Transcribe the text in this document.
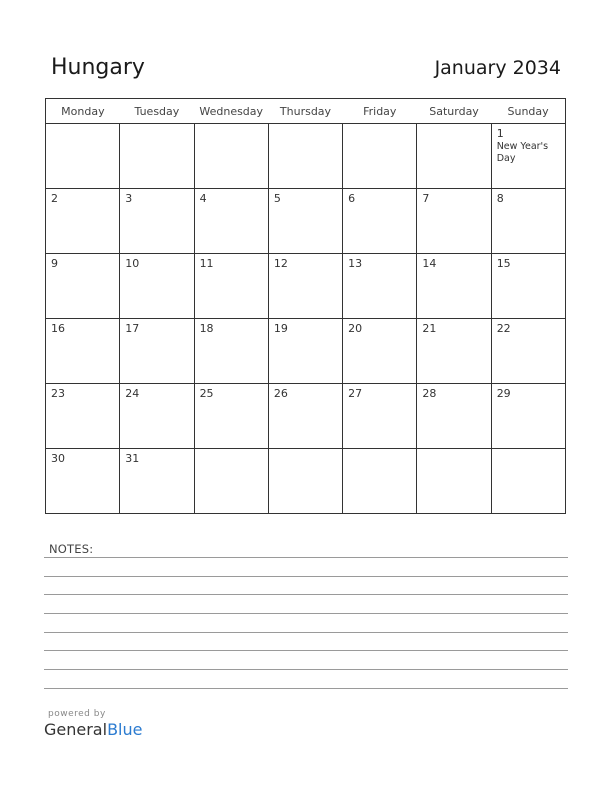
Hungary	January 2034
Monday	Tuesday	Wednesday	Thursday	Friday	Saturday	Sunday

						1
New Year's Day

2	3	4	5	6	7	8

9	10	11	12	13	14	15

16	17	18	19	20	21	22

23	24	25	26	27	28	29

30	31					

NOTES:
powered by
GeneralBlue
